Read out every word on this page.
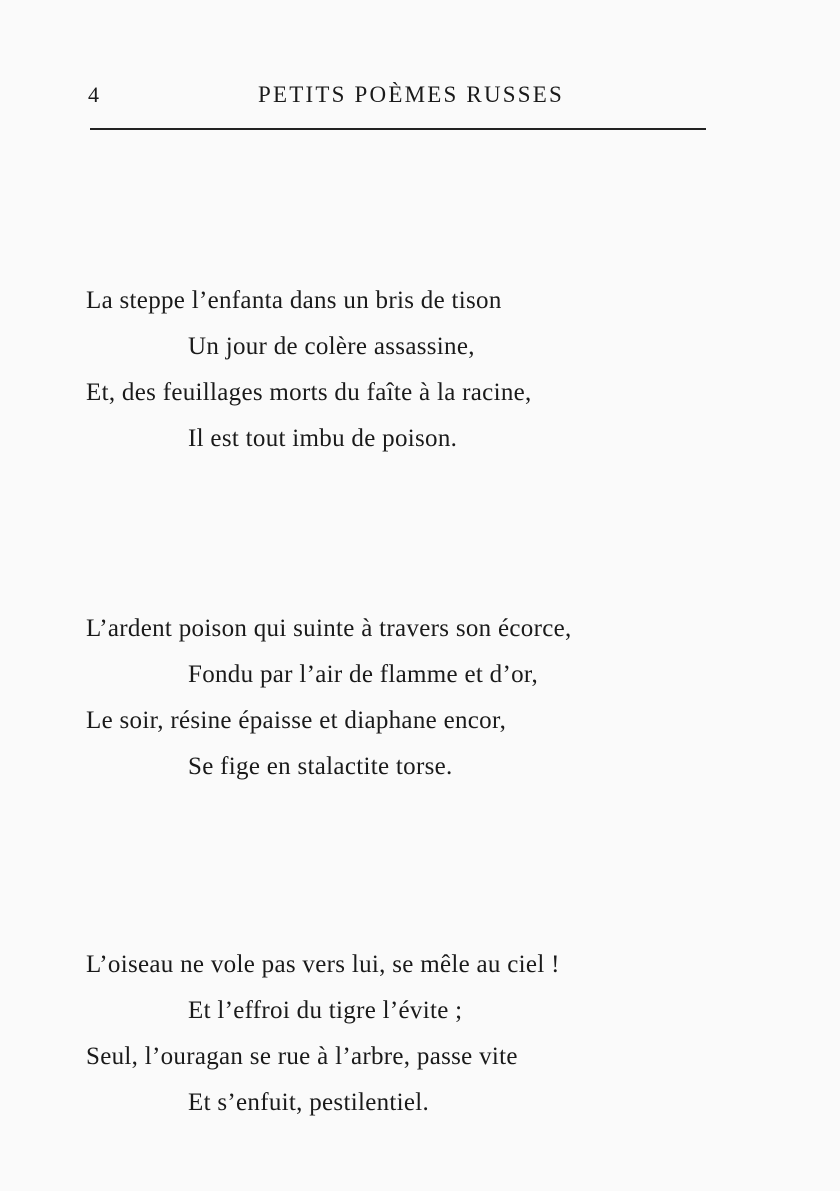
4	PETITS POÈMES RUSSES
La steppe l’enfanta dans un bris de tison
Un jour de colère assassine,
Et, des feuillages morts du faîte à la racine,
Il est tout imbu de poison.
L’ardent poison qui suinte à travers son écorce,
Fondu par l’air de flamme et d’or,
Le soir, résine épaisse et diaphane encor,
Se fige en stalactite torse.
L’oiseau ne vole pas vers lui, se mêle au ciel !
Et l’effroi du tigre l’évite ;
Seul, l’ouragan se rue à l’arbre, passe vite
Et s’enfuit, pestilentiel.
